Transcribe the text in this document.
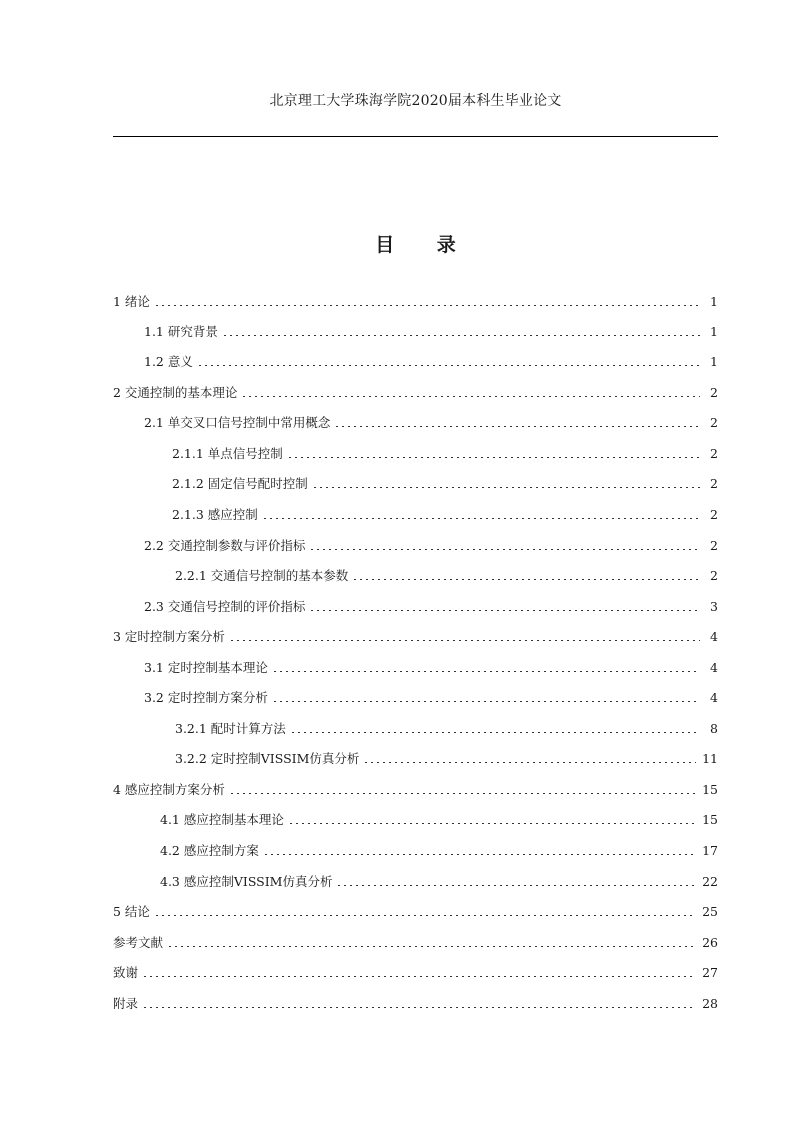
北京理工大学珠海学院2020届本科生毕业论文
目 录
1 绪论	1
1.1 研究背景	1
1.2 意义	1
2 交通控制的基本理论	2
2.1 单交叉口信号控制中常用概念	2
2.1.1 单点信号控制	2
2.1.2 固定信号配时控制	2
2.1.3 感应控制	2
2.2 交通控制参数与评价指标	2
2.2.1 交通信号控制的基本参数	2
2.3 交通信号控制的评价指标	3
3 定时控制方案分析	4
3.1 定时控制基本理论	4
3.2 定时控制方案分析	4
3.2.1 配时计算方法	8
3.2.2 定时控制VISSIM仿真分析	11
4 感应控制方案分析	15
4.1 感应控制基本理论	15
4.2 感应控制方案	17
4.3 感应控制VISSIM仿真分析	22
5 结论	25
参考文献	26
致谢	27
附录	28
